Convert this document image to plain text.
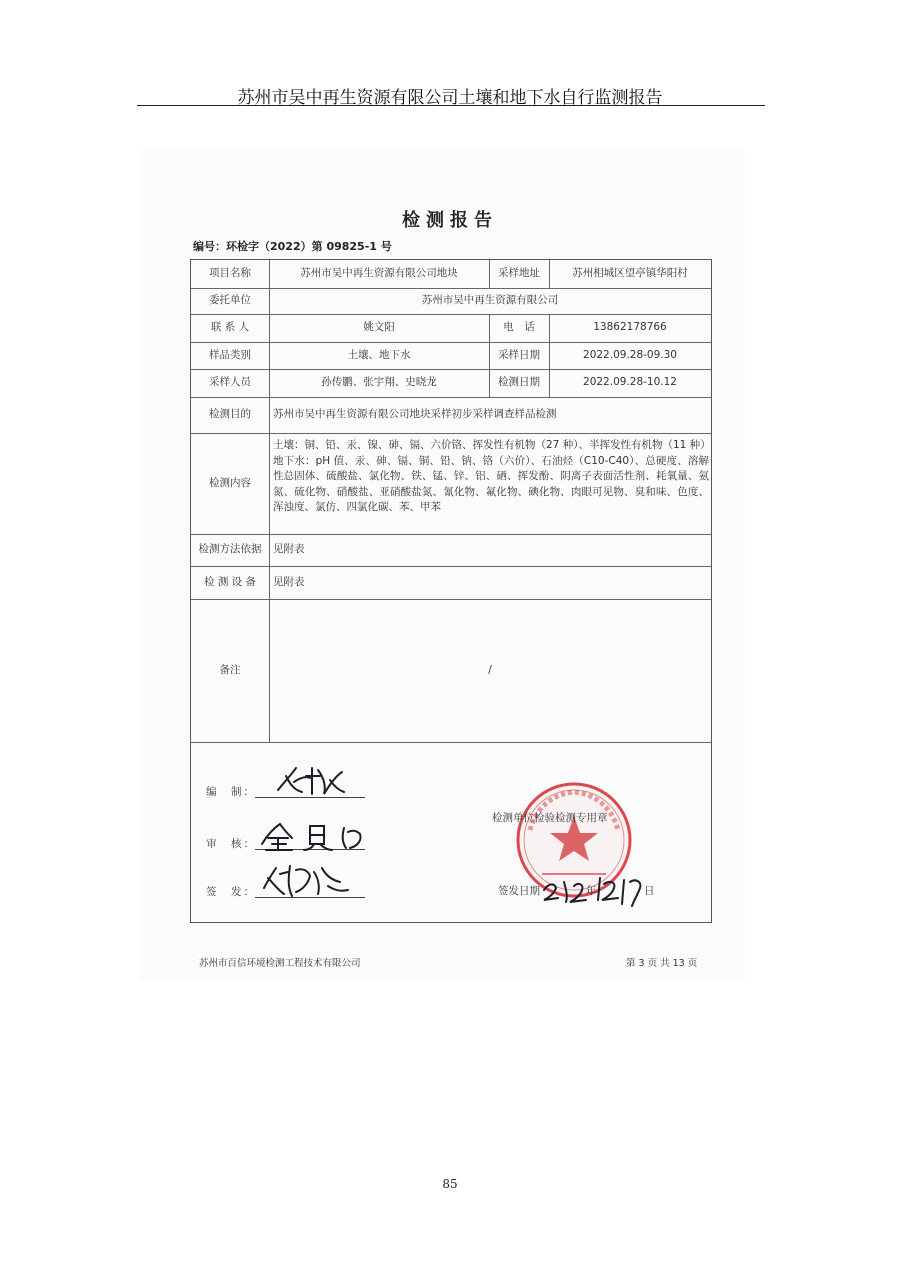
苏州市吴中再生资源有限公司土壤和地下水自行监测报告
检测报告
编号：环检字（2022）第 09825-1 号
项目名称	苏州市吴中再生资源有限公司地块	采样地址	苏州相城区望亭镇华阳村
委托单位	苏州市吴中再生资源有限公司
联 系 人	姚文阳	电　话	13862178766
样品类别	土壤、地下水	采样日期	2022.09.28-09.30
采样人员	孙传鹏、张宇翔、史晓龙	检测日期	2022.09.28-10.12
检测目的	苏州市吴中再生资源有限公司地块采样初步采样调查样品检测
检测内容

土壤：铜、铅、汞、镍、砷、镉、六价铬、挥发性有机物（27 种）、半挥发性有机物（11 种）

地下水：pH 值、汞、砷、镉、铜、铅、钠、铬（六价）、石油烃（C10-C40）、总硬度、溶解性总固体、硫酸盐、氯化物、铁、锰、锌、铝、硒、挥发酚、阴离子表面活性剂、耗氧量、氨氮、硫化物、硝酸盐、亚硝酸盐氮、氰化物、氟化物、碘化物、肉眼可见物、臭和味、色度、浑浊度、氯仿、四氯化碳、苯、甲苯

检测方法依据	见附表
检 测 设 备	见附表
备注	/
编　制：
审　核：
签　发：
检测单位检验检测专用章
签发日期	年	日
苏州市百信环境检测工程技术有限公司	第 3 页 共 13 页
85
